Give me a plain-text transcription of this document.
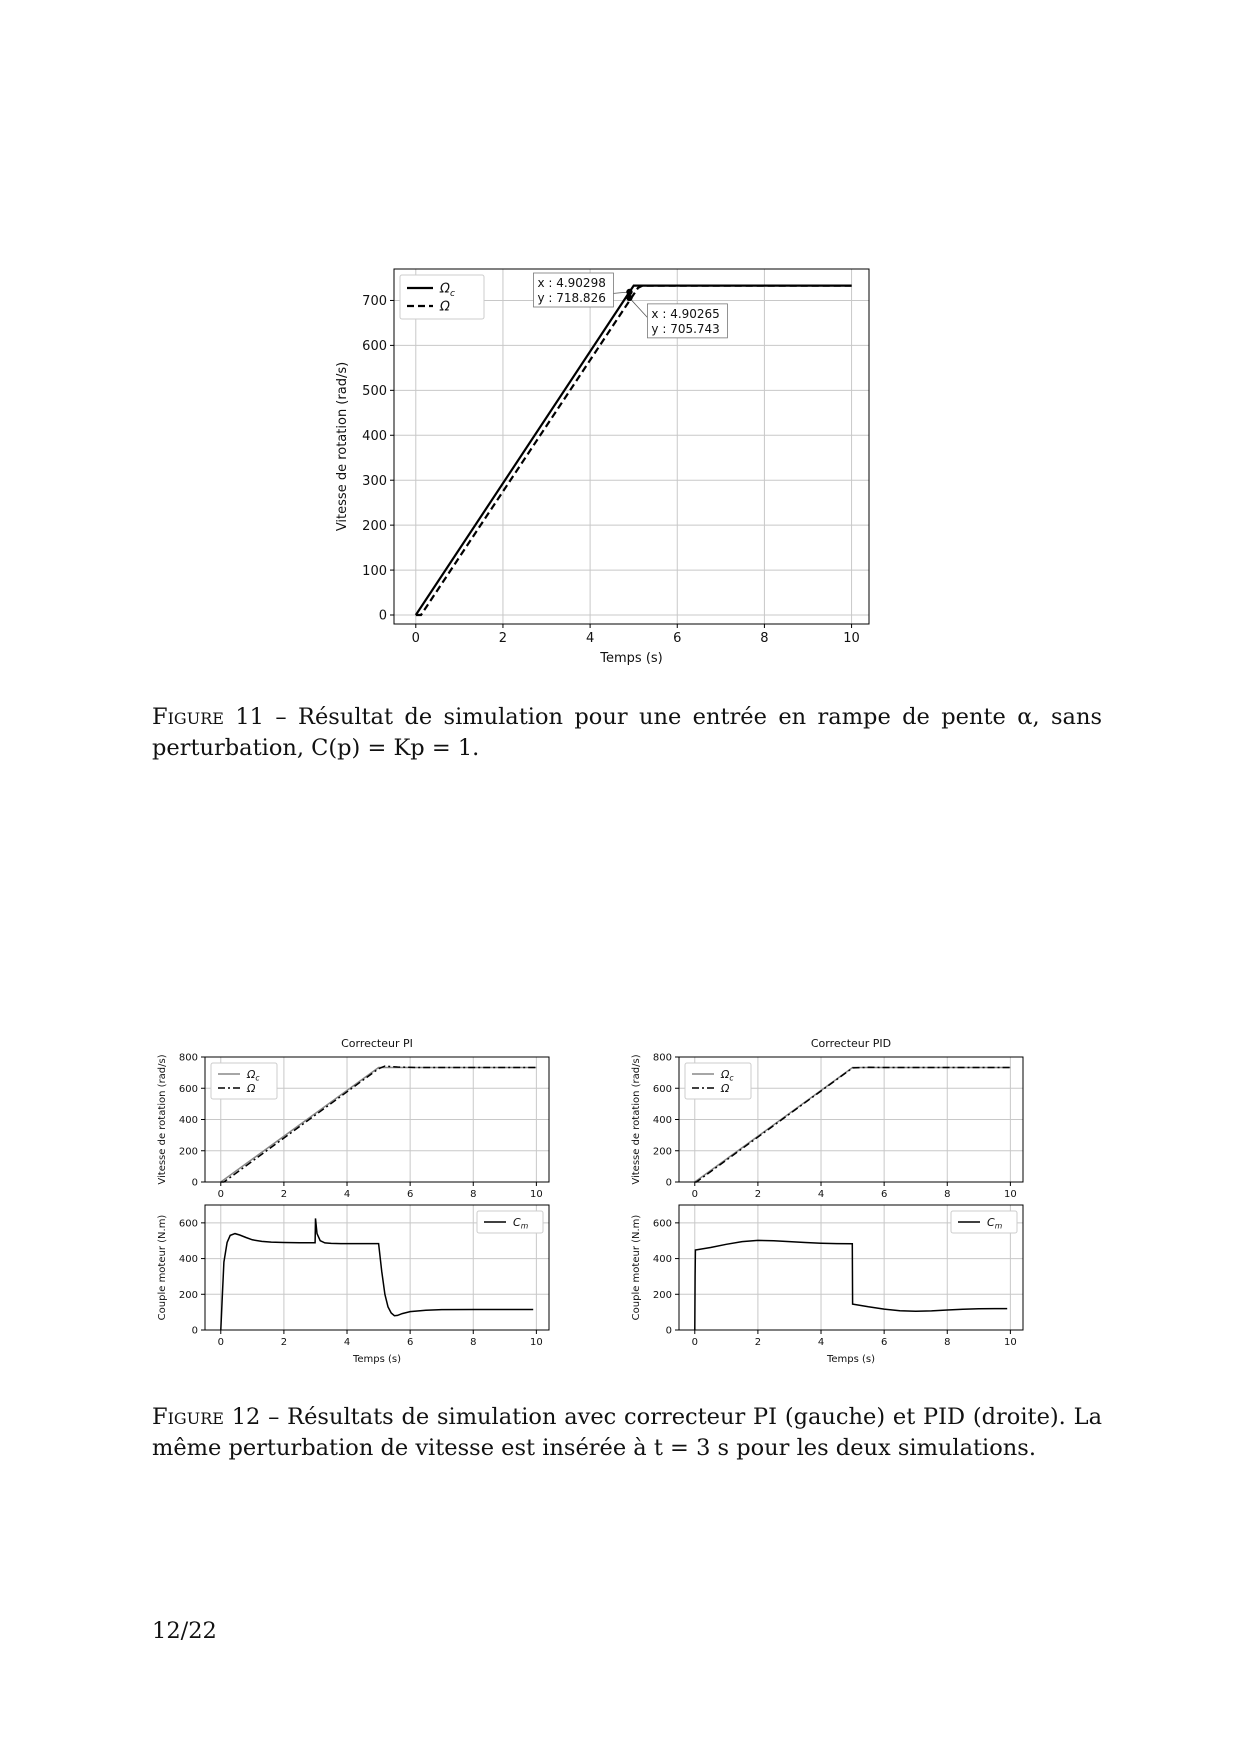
0	2	4	6	8	10
0
100
200
300
400
500
600
700
Temps (s)
Vitesse de rotation (rad/s)
$\Omega_c$
Ω
x : 4.90298
y : 718.826
x : 4.90265
y : 705.743
Figure 11 – Résultat de simulation pour une entrée en rampe de pente α, sans perturbation, C(p) = Kp = 1.
0	2	4	6	8	10
0
200
400
600
800
Correcteur PI
Vitesse de rotation (rad/s)	$\Omega_c$
Ω
0	2	4	6	8	10
0
200
400
600
Temps (s)
Couple moteur (N.m)	$C_m$
0	2	4	6	8	10
0
200
400
600
800
Correcteur PID
Vitesse de rotation (rad/s)	$\Omega_c$
Ω
0	2	4	6	8	10
0
200
400
600
Temps (s)
Couple moteur (N.m)	$C_m$
Figure 12 – Résultats de simulation avec correcteur PI (gauche) et PID (droite). La même perturbation de vitesse est insérée à t = 3 s pour les deux simulations.
12/22
